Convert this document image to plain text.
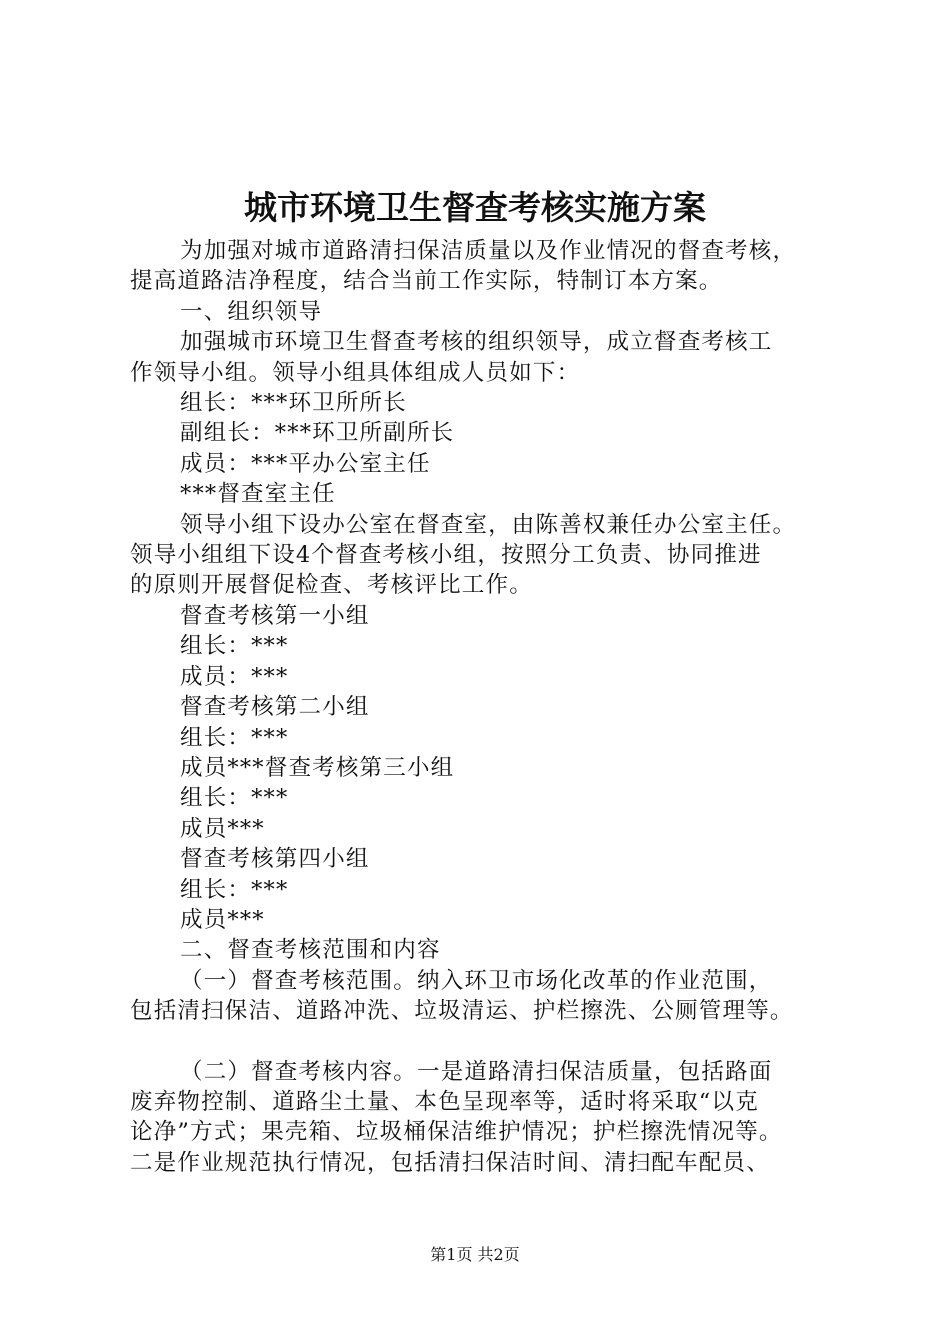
城市环境卫生督查考核实施方案

为加强对城市道路清扫保洁质量以及作业情况的督查考核，

提高道路洁净程度，结合当前工作实际，特制订本方案。

一、组织领导

加强城市环境卫生督查考核的组织领导，成立督查考核工

作领导小组。领导小组具体组成人员如下：

组长：***环卫所所长

副组长：***环卫所副所长

成员：***平办公室主任

***督查室主任

领导小组下设办公室在督查室，由陈善权兼任办公室主任。

领导小组组下设4个督查考核小组，按照分工负责、协同推进

的原则开展督促检查、考核评比工作。

督查考核第一小组

组长：***

成员：***

督查考核第二小组

组长：***

成员***督查考核第三小组

组长：***

成员***

督查考核第四小组

组长：***

成员***

二、督查考核范围和内容

（一）督查考核范围。纳入环卫市场化改革的作业范围，

包括清扫保洁、道路冲洗、垃圾清运、护栏擦洗、公厕管理等。

（二）督查考核内容。一是道路清扫保洁质量，包括路面

废弃物控制、道路尘土量、本色呈现率等，适时将采取“以克

论净”方式；果壳箱、垃圾桶保洁维护情况；护栏擦洗情况等。

二是作业规范执行情况，包括清扫保洁时间、清扫配车配员、

第1页 共2页
